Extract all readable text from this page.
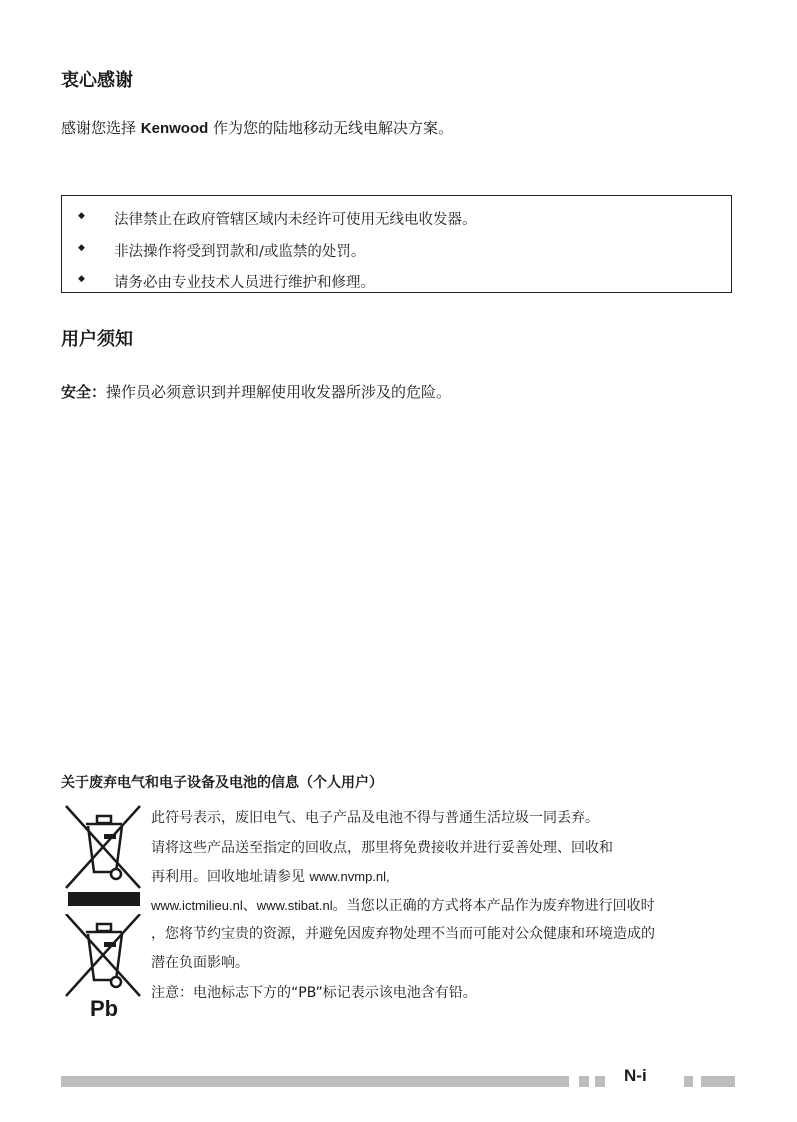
衷心感谢

感谢您选择 Kenwood 作为您的陆地移动无线电解决方案。

◆ 法律禁止在政府管辖区域内未经许可使用无线电收发器。
◆ 非法操作将受到罚款和/或监禁的处罚。
◆ 请务必由专业技术人员进行维护和修理。
用户须知

安全：操作员必须意识到并理解使用收发器所涉及的危险。

关于废弃电气和电子设备及电池的信息（个人用户）
Pb

此符号表示，废旧电气、电子产品及电池不得与普通生活垃圾一同丢弃。

请将这些产品送至指定的回收点，那里将免费接收并进行妥善处理、回收和

再利用。回收地址请参见 www.nvmp.nl,

www.ictmilieu.nl、www.stibat.nl。当您以正确的方式将本产品作为废弃物进行回收时

，您将节约宝贵的资源，并避免因废弃物处理不当而可能对公众健康和环境造成的

潜在负面影响。

注意：电池标志下方的“PB”标记表示该电池含有铅。

N-i
